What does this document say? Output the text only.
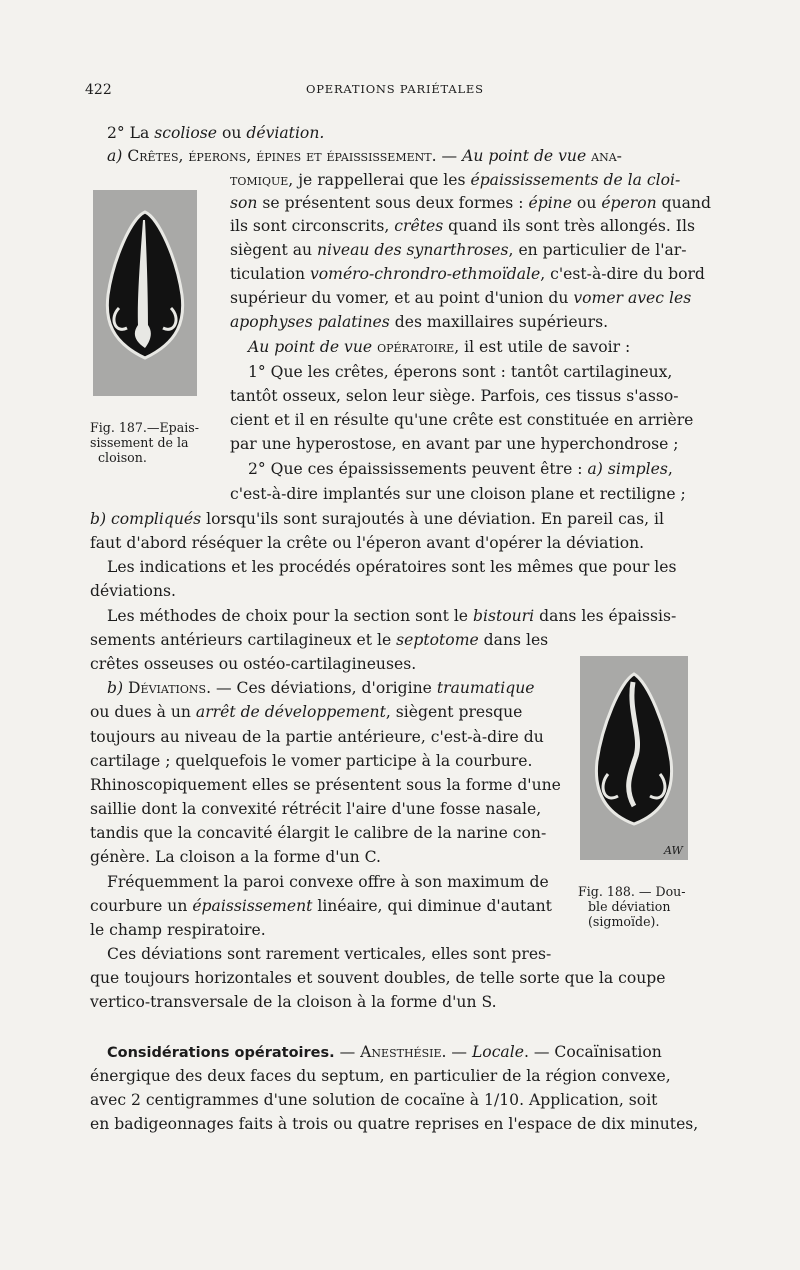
422	OPERATIONS PARIÉTALES
2° La scoliose ou déviation.
a) Crêtes, éperons, épines et épaississement. — Au point de vue ana-
tomique, je rappellerai que les épaississements de la cloi-
son se présentent sous deux formes : épine ou éperon quand
ils sont circonscrits, crêtes quand ils sont très allongés. Ils
siègent au niveau des synarthroses, en particulier de l'ar-
ticulation voméro-chrondro-ethmoïdale, c'est-à-dire du bord
supérieur du vomer, et au point d'union du vomer avec les
apophyses palatines des maxillaires supérieurs.
Au point de vue opératoire, il est utile de savoir :
1° Que les crêtes, éperons sont : tantôt cartilagineux,
tantôt osseux, selon leur siège. Parfois, ces tissus s'asso-
cient et il en résulte qu'une crête est constituée en arrière
par une hyperostose, en avant par une hyperchondrose ;
2° Que ces épaississements peuvent être : a) simples,
c'est-à-dire implantés sur une cloison plane et rectiligne ;
b) compliqués lorsqu'ils sont surajoutés à une déviation. En pareil cas, il
faut d'abord réséquer la crête ou l'éperon avant d'opérer la déviation.
Les indications et les procédés opératoires sont les mêmes que pour les
déviations.
Les méthodes de choix pour la section sont le bistouri dans les épaissis-
sements antérieurs cartilagineux et le septotome dans les
crêtes osseuses ou ostéo-cartilagineuses.
b) Déviations. — Ces déviations, d'origine traumatique
ou dues à un arrêt de développement, siègent presque
toujours au niveau de la partie antérieure, c'est-à-dire du
cartilage ; quelquefois le vomer participe à la courbure.
Rhinoscopiquement elles se présentent sous la forme d'une
saillie dont la convexité rétrécit l'aire d'une fosse nasale,
tandis que la concavité élargit le calibre de la narine con-
génère. La cloison a la forme d'un C.
Fréquemment la paroi convexe offre à son maximum de
courbure un épaississement linéaire, qui diminue d'autant
le champ respiratoire.
Ces déviations sont rarement verticales, elles sont pres-
que toujours horizontales et souvent doubles, de telle sorte que la coupe
vertico-transversale de la cloison à la forme d'un S.
Considérations opératoires. — Anesthésie. — Locale. — Cocaïnisation
énergique des deux faces du septum, en particulier de la région convexe,
avec 2 centigrammes d'une solution de cocaïne à 1/10. Application, soit
en badigeonnages faits à trois ou quatre reprises en l'espace de dix minutes,
Fig. 187.—Epais-
sissement de la
cloison.
AW
Fig. 188. — Dou-
ble déviation
(sigmoïde).
